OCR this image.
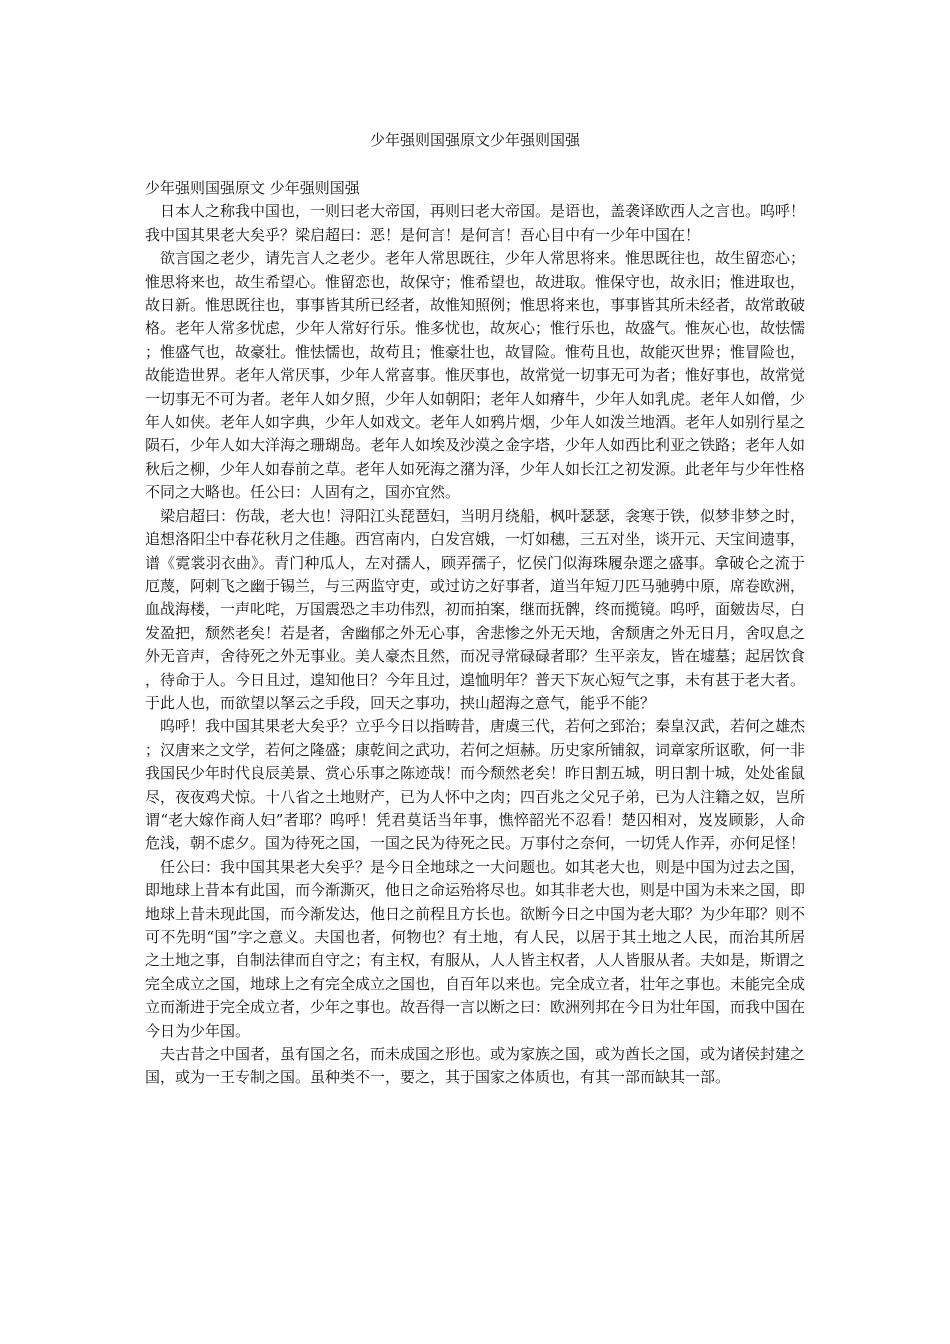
少年强则国强原文少年强则国强

少年强则国强原文 少年强则国强

日本人之称我中国也，一则曰老大帝国，再则曰老大帝国。是语也，盖袭译欧西人之言也。呜呼！我中国其果老大矣乎？梁启超曰：恶！是何言！是何言！吾心目中有一少年中国在！

欲言国之老少，请先言人之老少。老年人常思既往，少年人常思将来。惟思既往也，故生留恋心；惟思将来也，故生希望心。惟留恋也，故保守；惟希望也，故进取。惟保守也，故永旧；惟进取也，故日新。惟思既往也，事事皆其所已经者，故惟知照例；惟思将来也，事事皆其所未经者，故常敢破格。老年人常多忧虑，少年人常好行乐。惟多忧也，故灰心；惟行乐也，故盛气。惟灰心也，故怯懦；惟盛气也，故豪壮。惟怯懦也，故苟且；惟豪壮也，故冒险。惟苟且也，故能灭世界；惟冒险也，故能造世界。老年人常厌事，少年人常喜事。惟厌事也，故常觉一切事无可为者；惟好事也，故常觉一切事无不可为者。老年人如夕照，少年人如朝阳；老年人如瘠牛，少年人如乳虎。老年人如僧，少年人如侠。老年人如字典，少年人如戏文。老年人如鸦片烟，少年人如泼兰地酒。老年人如别行星之陨石，少年人如大洋海之珊瑚岛。老年人如埃及沙漠之金字塔，少年人如西比利亚之铁路；老年人如秋后之柳，少年人如春前之草。老年人如死海之潴为泽，少年人如长江之初发源。此老年与少年性格不同之大略也。任公曰：人固有之，国亦宜然。

梁启超曰：伤哉，老大也！浔阳江头琵琶妇，当明月绕船，枫叶瑟瑟，衾寒于铁，似梦非梦之时，追想洛阳尘中春花秋月之佳趣。西宫南内，白发宫娥，一灯如穗，三五对坐，谈开元、天宝间遗事，谱《霓裳羽衣曲》。青门种瓜人，左对孺人，顾弄孺子，忆侯门似海珠履杂遝之盛事。拿破仑之流于厄蔑，阿剌飞之幽于锡兰，与三两监守吏，或过访之好事者，道当年短刀匹马驰骋中原，席卷欧洲，血战海楼，一声叱咤，万国震恐之丰功伟烈，初而拍案，继而抚髀，终而揽镜。呜呼，面皴齿尽，白发盈把，颓然老矣！若是者，舍幽郁之外无心事，舍悲惨之外无天地，舍颓唐之外无日月，舍叹息之外无音声，舍待死之外无事业。美人豪杰且然，而况寻常碌碌者耶？生平亲友，皆在墟墓；起居饮食，待命于人。今日且过，遑知他日？今年且过，遑恤明年？普天下灰心短气之事，未有甚于老大者。于此人也，而欲望以拏云之手段，回天之事功，挟山超海之意气，能乎不能？

呜呼！我中国其果老大矣乎？立乎今日以指畴昔，唐虞三代，若何之郅治；秦皇汉武，若何之雄杰；汉唐来之文学，若何之隆盛；康乾间之武功，若何之烜赫。历史家所铺叙，词章家所讴歌，何一非我国民少年时代良辰美景、赏心乐事之陈迹哉！而今颓然老矣！昨日割五城，明日割十城，处处雀鼠尽，夜夜鸡犬惊。十八省之土地财产，已为人怀中之肉；四百兆之父兄子弟，已为人注籍之奴，岂所谓“老大嫁作商人妇”者耶？呜呼！凭君莫话当年事，憔悴韶光不忍看！楚囚相对，岌岌顾影，人命危浅，朝不虑夕。国为待死之国，一国之民为待死之民。万事付之奈何，一切凭人作弄，亦何足怪！

任公曰：我中国其果老大矣乎？是今日全地球之一大问题也。如其老大也，则是中国为过去之国，即地球上昔本有此国，而今渐澌灭，他日之命运殆将尽也。如其非老大也，则是中国为未来之国，即地球上昔未现此国，而今渐发达，他日之前程且方长也。欲断今日之中国为老大耶？为少年耶？则不可不先明“国”字之意义。夫国也者，何物也？有土地，有人民，以居于其土地之人民，而治其所居之土地之事，自制法律而自守之；有主权，有服从，人人皆主权者，人人皆服从者。夫如是，斯谓之完全成立之国，地球上之有完全成立之国也，自百年以来也。完全成立者，壮年之事也。未能完全成立而渐进于完全成立者，少年之事也。故吾得一言以断之曰：欧洲列邦在今日为壮年国，而我中国在今日为少年国。

夫古昔之中国者，虽有国之名，而未成国之形也。或为家族之国，或为酋长之国，或为诸侯封建之国，或为一王专制之国。虽种类不一，要之，其于国家之体质也，有其一部而缺其一部。
